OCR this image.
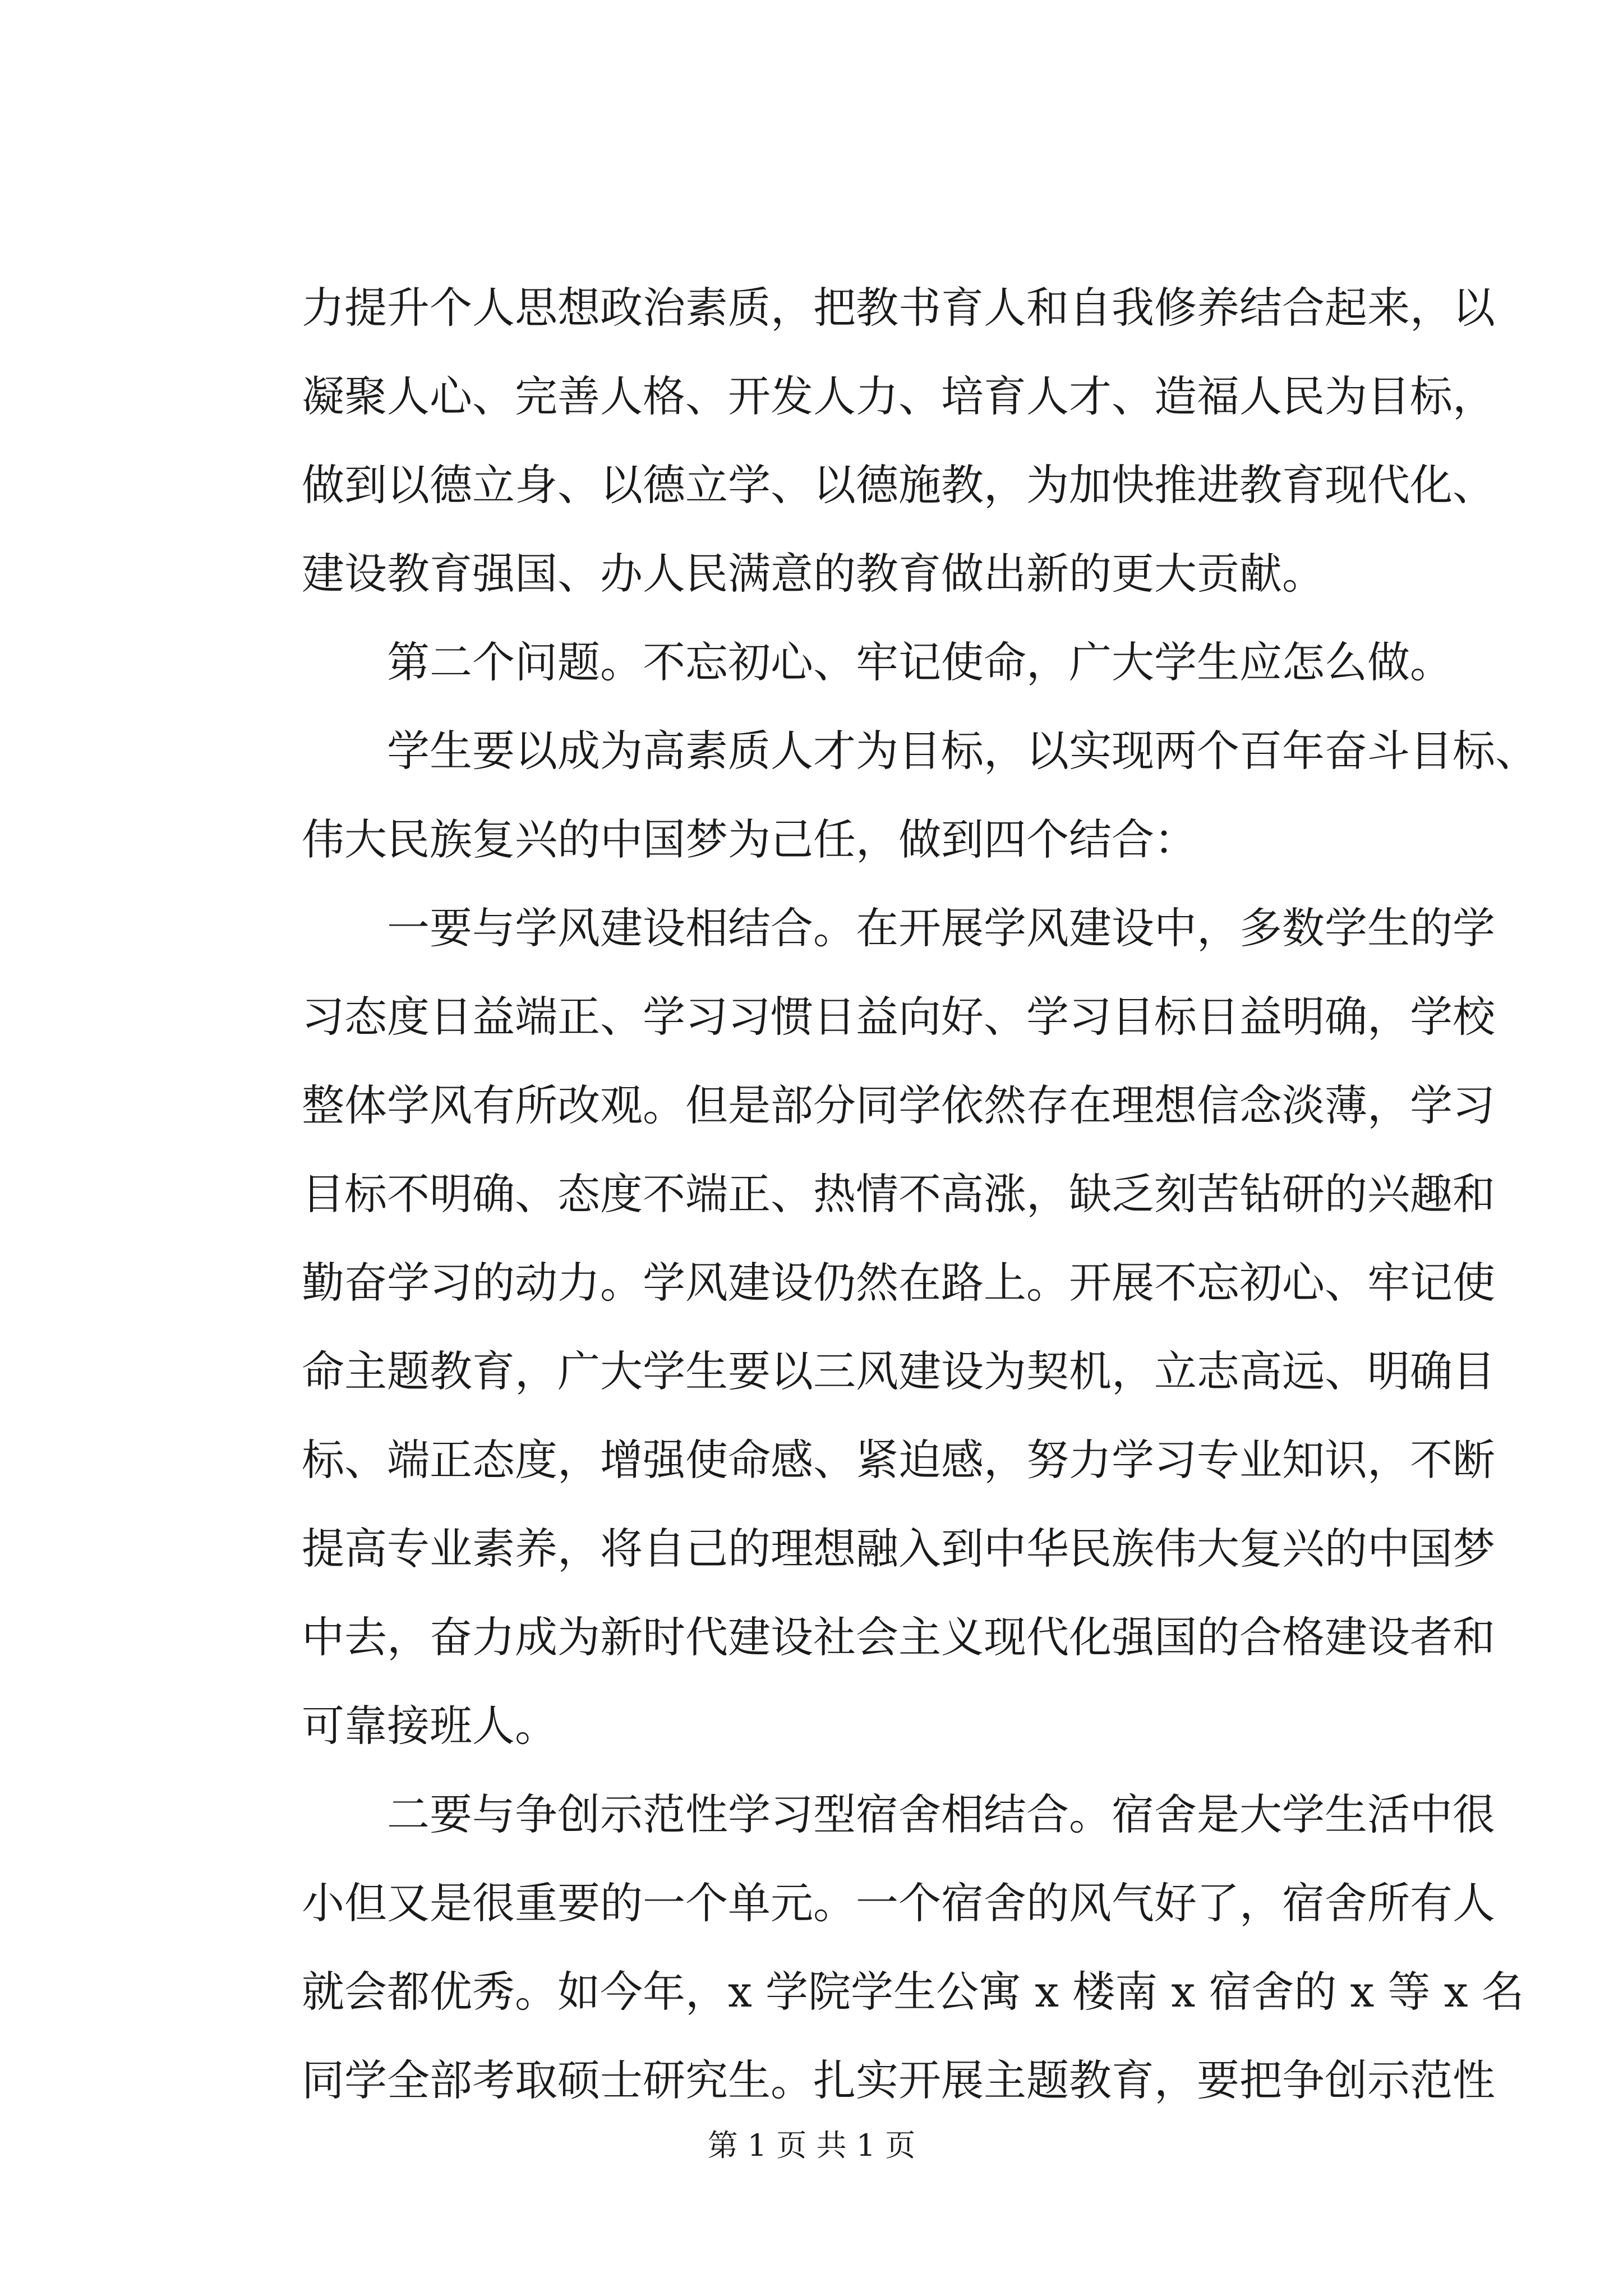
力提升个人思想政治素质，把教书育人和自我修养结合起来，以
凝聚人心、完善人格、开发人力、培育人才、造福人民为目标，
做到以德立身、以德立学、以德施教，为加快推进教育现代化、
建设教育强国、办人民满意的教育做出新的更大贡献。
第二个问题。不忘初心、牢记使命，广大学生应怎么做。
学生要以成为高素质人才为目标，以实现两个百年奋斗目标、
伟大民族复兴的中国梦为己任，做到四个结合：
一要与学风建设相结合。在开展学风建设中，多数学生的学
习态度日益端正、学习习惯日益向好、学习目标日益明确，学校
整体学风有所改观。但是部分同学依然存在理想信念淡薄，学习
目标不明确、态度不端正、热情不高涨，缺乏刻苦钻研的兴趣和
勤奋学习的动力。学风建设仍然在路上。开展不忘初心、牢记使
命主题教育，广大学生要以三风建设为契机，立志高远、明确目
标、端正态度，增强使命感、紧迫感，努力学习专业知识，不断
提高专业素养，将自己的理想融入到中华民族伟大复兴的中国梦
中去，奋力成为新时代建设社会主义现代化强国的合格建设者和
可靠接班人。
二要与争创示范性学习型宿舍相结合。宿舍是大学生活中很
小但又是很重要的一个单元。一个宿舍的风气好了，宿舍所有人
就会都优秀。如今年，x 学院学生公寓 x 楼南 x 宿舍的 x 等 x 名
同学全部考取硕士研究生。扎实开展主题教育，要把争创示范性
第 1 页 共 1 页
